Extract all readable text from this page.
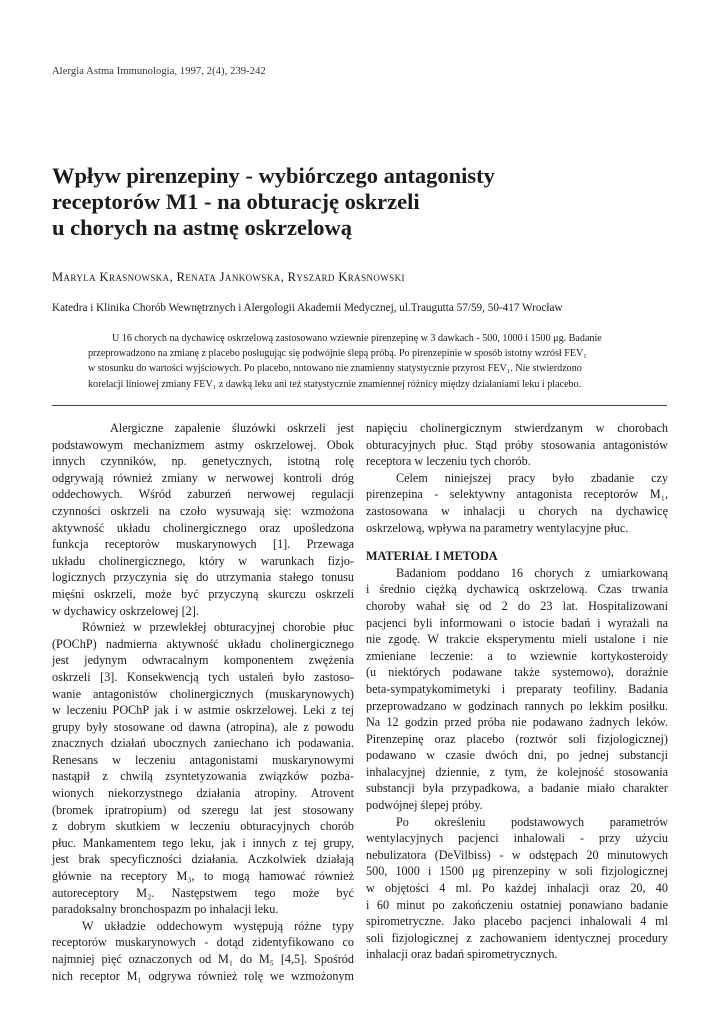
Alergia Astma Immunologia, 1997, 2(4), 239-242
Wpływ pirenzepiny - wybiórczego antagonisty
receptorów M1 - na obturację oskrzeli
u chorych na astmę oskrzelową
Maryla Krasnowska, Renata Jankowska, Ryszard Krasnowski
Katedra i Klinika Chorób Wewnętrznych i Alergologii Akademii Medycznej, ul.Traugutta 57/59, 50-417 Wrocław
U 16 chorych na dychawicę oskrzelową zastosowano wziewnie pirenzepinę w 3 dawkach - 500, 1000 i 1500 μg. Badanie
przeprowadzono na zmianę z placebo posługując się podwójnie ślepą próbą. Po pirenzepinie w sposób istotny wzrósł FEV₁
w stosunku do wartości wyjściowych. Po placebo, notowano nie znamienny statystycznie przyrost FEV₁. Nie stwierdzono
korelacji liniowej zmiany FEV₁ z dawką leku ani też statystycznie znamiennej różnicy między działaniami leku i placebo.
Alergiczne zapalenie śluzówki oskrzeli jest
podstawowym mechanizmem astmy oskrzelowej. Obok
innych czynników, np. genetycznych, istotną rolę
odgrywają również zmiany w nerwowej kontroli dróg
oddechowych. Wśród zaburzeń nerwowej regulacji
czynności oskrzeli na czoło wysuwają się: wzmożona
aktywność układu cholinergicznego oraz upośledzona
funkcja receptorów muskarynowych [1]. Przewaga
układu cholinergicznego, który w warunkach fizjo-
logicznych przyczynia się do utrzymania stałego tonusu
mięśni oskrzeli, może być przyczyną skurczu oskrzeli
w dychawicy oskrzelowej [2].
Również w przewlekłej obturacyjnej chorobie płuc
(POChP) nadmierna aktywność układu cholinergicznego
jest jedynym odwracalnym komponentem zwężenia
oskrzeli [3]. Konsekwencją tych ustaleń było zastoso-
wanie antagonistów cholinergicznych (muskarynowych)
w leczeniu POChP jak i w astmie oskrzelowej. Leki z tej
grupy były stosowane od dawna (atropina), ale z powodu
znacznych działań ubocznych zaniechano ich podawania.
Renesans w leczeniu antagonistami muskarynowymi
nastąpił z chwilą zsyntetyzowania związków pozba-
wionych niekorzystnego działania atropiny. Atrovent
(bromek ipratropium) od szeregu lat jest stosowany
z dobrym skutkiem w leczeniu obturacyjnych chorób
płuc. Mankamentem tego leku, jak i innych z tej grupy,
jest brak specyficzności działania. Aczkolwiek działają
głównie na receptory M₃, to mogą hamować również
autoreceptory M₂. Następstwem tego może być
paradoksalny bronchospazm po inhalacji leku.
W układzie oddechowym występują różne typy
receptorów muskarynowych - dotąd zidentyfikowano co
najmniej pięć oznaczonych od M₁ do M₅ [4,5]. Spośród
nich receptor M₁ odgrywa również rolę we wzmożonym
napięciu cholinergicznym stwierdzanym w chorobach
obturacyjnych płuc. Stąd próby stosowania antagonistów
receptora w leczeniu tych chorób.
Celem niniejszej pracy było zbadanie czy
pirenzepina - selektywny antagonista receptorów M₁,
zastosowana w inhalacji u chorych na dychawicę
oskrzelową, wpływa na parametry wentylacyjne płuc.
MATERIAŁ I METODA
Badaniom poddano 16 chorych z umiarkowaną
i średnio ciężką dychawicą oskrzelową. Czas trwania
choroby wahał się od 2 do 23 lat. Hospitalizowani
pacjenci byli informowani o istocie badań i wyrażali na
nie zgodę. W trakcie eksperymentu mieli ustalone i nie
zmieniane leczenie: a to wziewnie kortykosteroidy
(u niektórych podawane także systemowo), doraźnie
beta-sympatykomimetyki i preparaty teofiliny. Badania
przeprowadzano w godzinach rannych po lekkim posiłku.
Na 12 godzin przed próba nie podawano żadnych leków.
Pirenzepinę oraz placebo (roztwór soli fizjologicznej)
podawano w czasie dwóch dni, po jednej substancji
inhalacyjnej dziennie, z tym, że kolejność stosowania
substancji była przypadkowa, a badanie miało charakter
podwójnej ślepej próby.
Po określeniu podstawowych parametrów
wentylacyjnych pacjenci inhalowali - przy użyciu
nebulizatora (DeVilbiss) - w odstępach 20 minutowych
500, 1000 i 1500 μg pirenzepiny w soli fizjologicznej
w objętości 4 ml. Po każdej inhalacji oraz 20, 40
i 60 minut po zakończeniu ostatniej ponawiano badanie
spirometryczne. Jako placebo pacjenci inhalowali 4 ml
soli fizjologicznej z zachowaniem identycznej procedury
inhalacji oraz badań spirometrycznych.
